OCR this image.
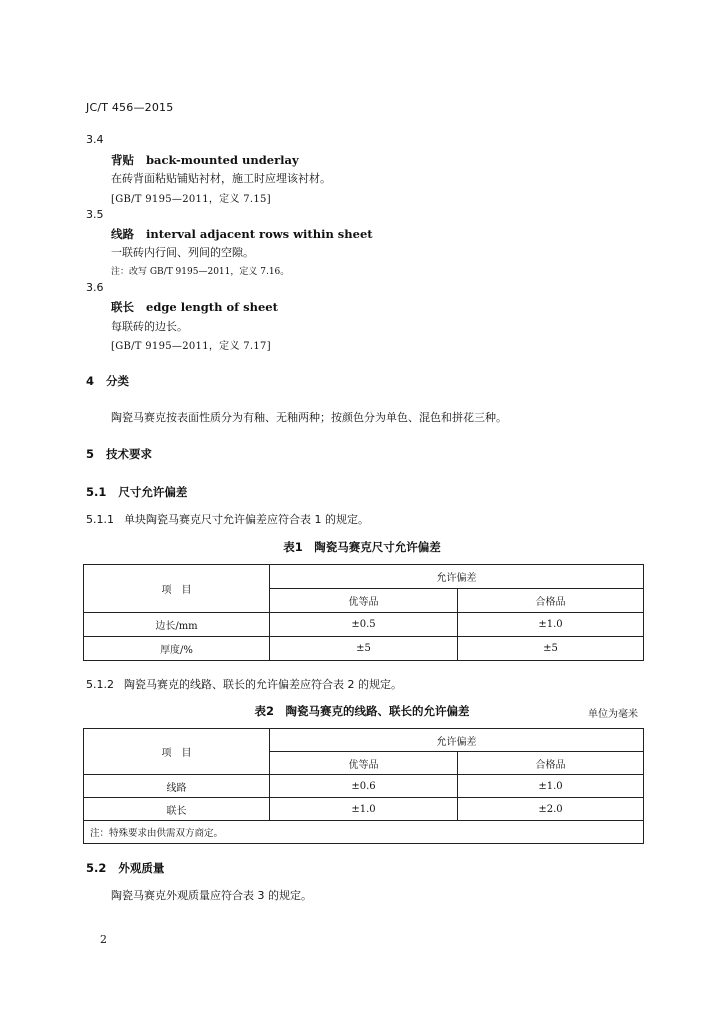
JC/T 456—2015
3.4
背贴 back-mounted underlay
在砖背面粘贴铺贴衬材，施工时应埋该衬材。
[GB/T 9195—2011，定义 7.15]
3.5
线路 interval adjacent rows within sheet
一联砖内行间、列间的空隙。
注：改写 GB/T 9195—2011，定义 7.16。
3.6
联长 edge length of sheet
每联砖的边长。
[GB/T 9195—2011，定义 7.17]
4 分类
陶瓷马赛克按表面性质分为有釉、无釉两种；按颜色分为单色、混色和拼花三种。
5 技术要求
5.1 尺寸允许偏差
5.1.1 单块陶瓷马赛克尺寸允许偏差应符合表 1 的规定。
表1　陶瓷马赛克尺寸允许偏差
项　目	允许偏差	
	优等品	合格品
边长/mm	±0.5	±1.0
厚度/%	±5	±5
5.1.2 陶瓷马赛克的线路、联长的允许偏差应符合表 2 的规定。
表2　陶瓷马赛克的线路、联长的允许偏差	单位为毫米
项　目	允许偏差	
	优等品	合格品
线路	±0.6	±1.0
联长	±1.0	±2.0
注：特殊要求由供需双方商定。		
5.2 外观质量
陶瓷马赛克外观质量应符合表 3 的规定。
2
